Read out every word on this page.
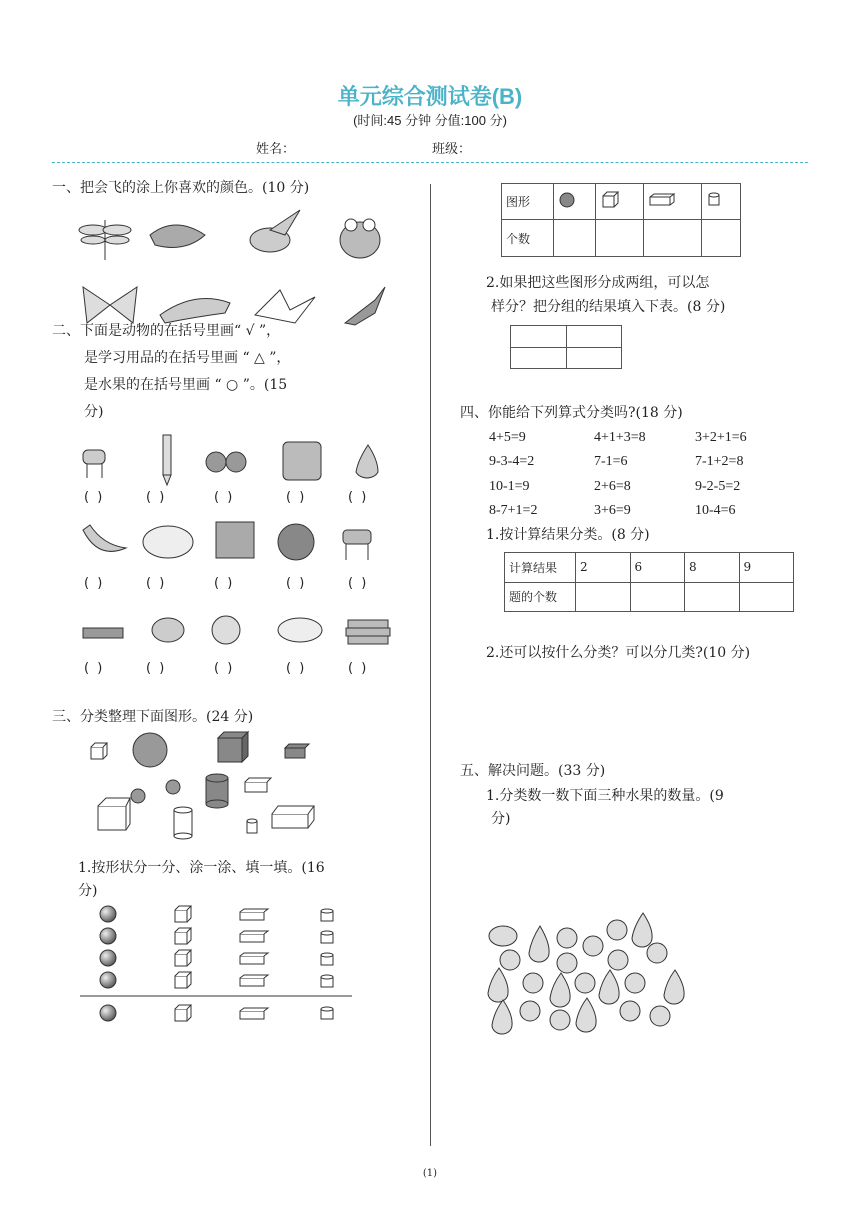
单元综合测试卷(B)
(时间:45 分钟 分值:100 分)
姓名：	班级：
一、把会飞的涂上你喜欢的颜色。(10 分)
二、下面是动物的在括号里画“ √ ”，
是学习用品的在括号里画 “ △ ”，
是水果的在括号里画 “ ○ ”。(15
分)
( )	( )	( )	( )	( )
( )	( )	( )	( )	( )
( )	( )	( )	( )	( )
三、分类整理下面图形。(24 分)
1.按形状分一分、涂一涂、填一填。(16
分)
图形				
个数				
2.如果把这些图形分成两组，可以怎
样分？把分组的结果填入下表。(8 分)

四、你能给下列算式分类吗?(18 分)
4+5=9	4+1+3=8	3+2+1=6
9-3-4=2	7-1=6	7-1+2=8
10-1=9	2+6=8	9-2-5=2
8-7+1=2	3+6=9	10-4=6
1.按计算结果分类。(8 分)
计算结果	2	6	8	9
题的个数				
2.还可以按什么分类？可以分几类?(10 分)
五、解决问题。(33 分)
1.分类数一数下面三种水果的数量。(9
分)
(1)
